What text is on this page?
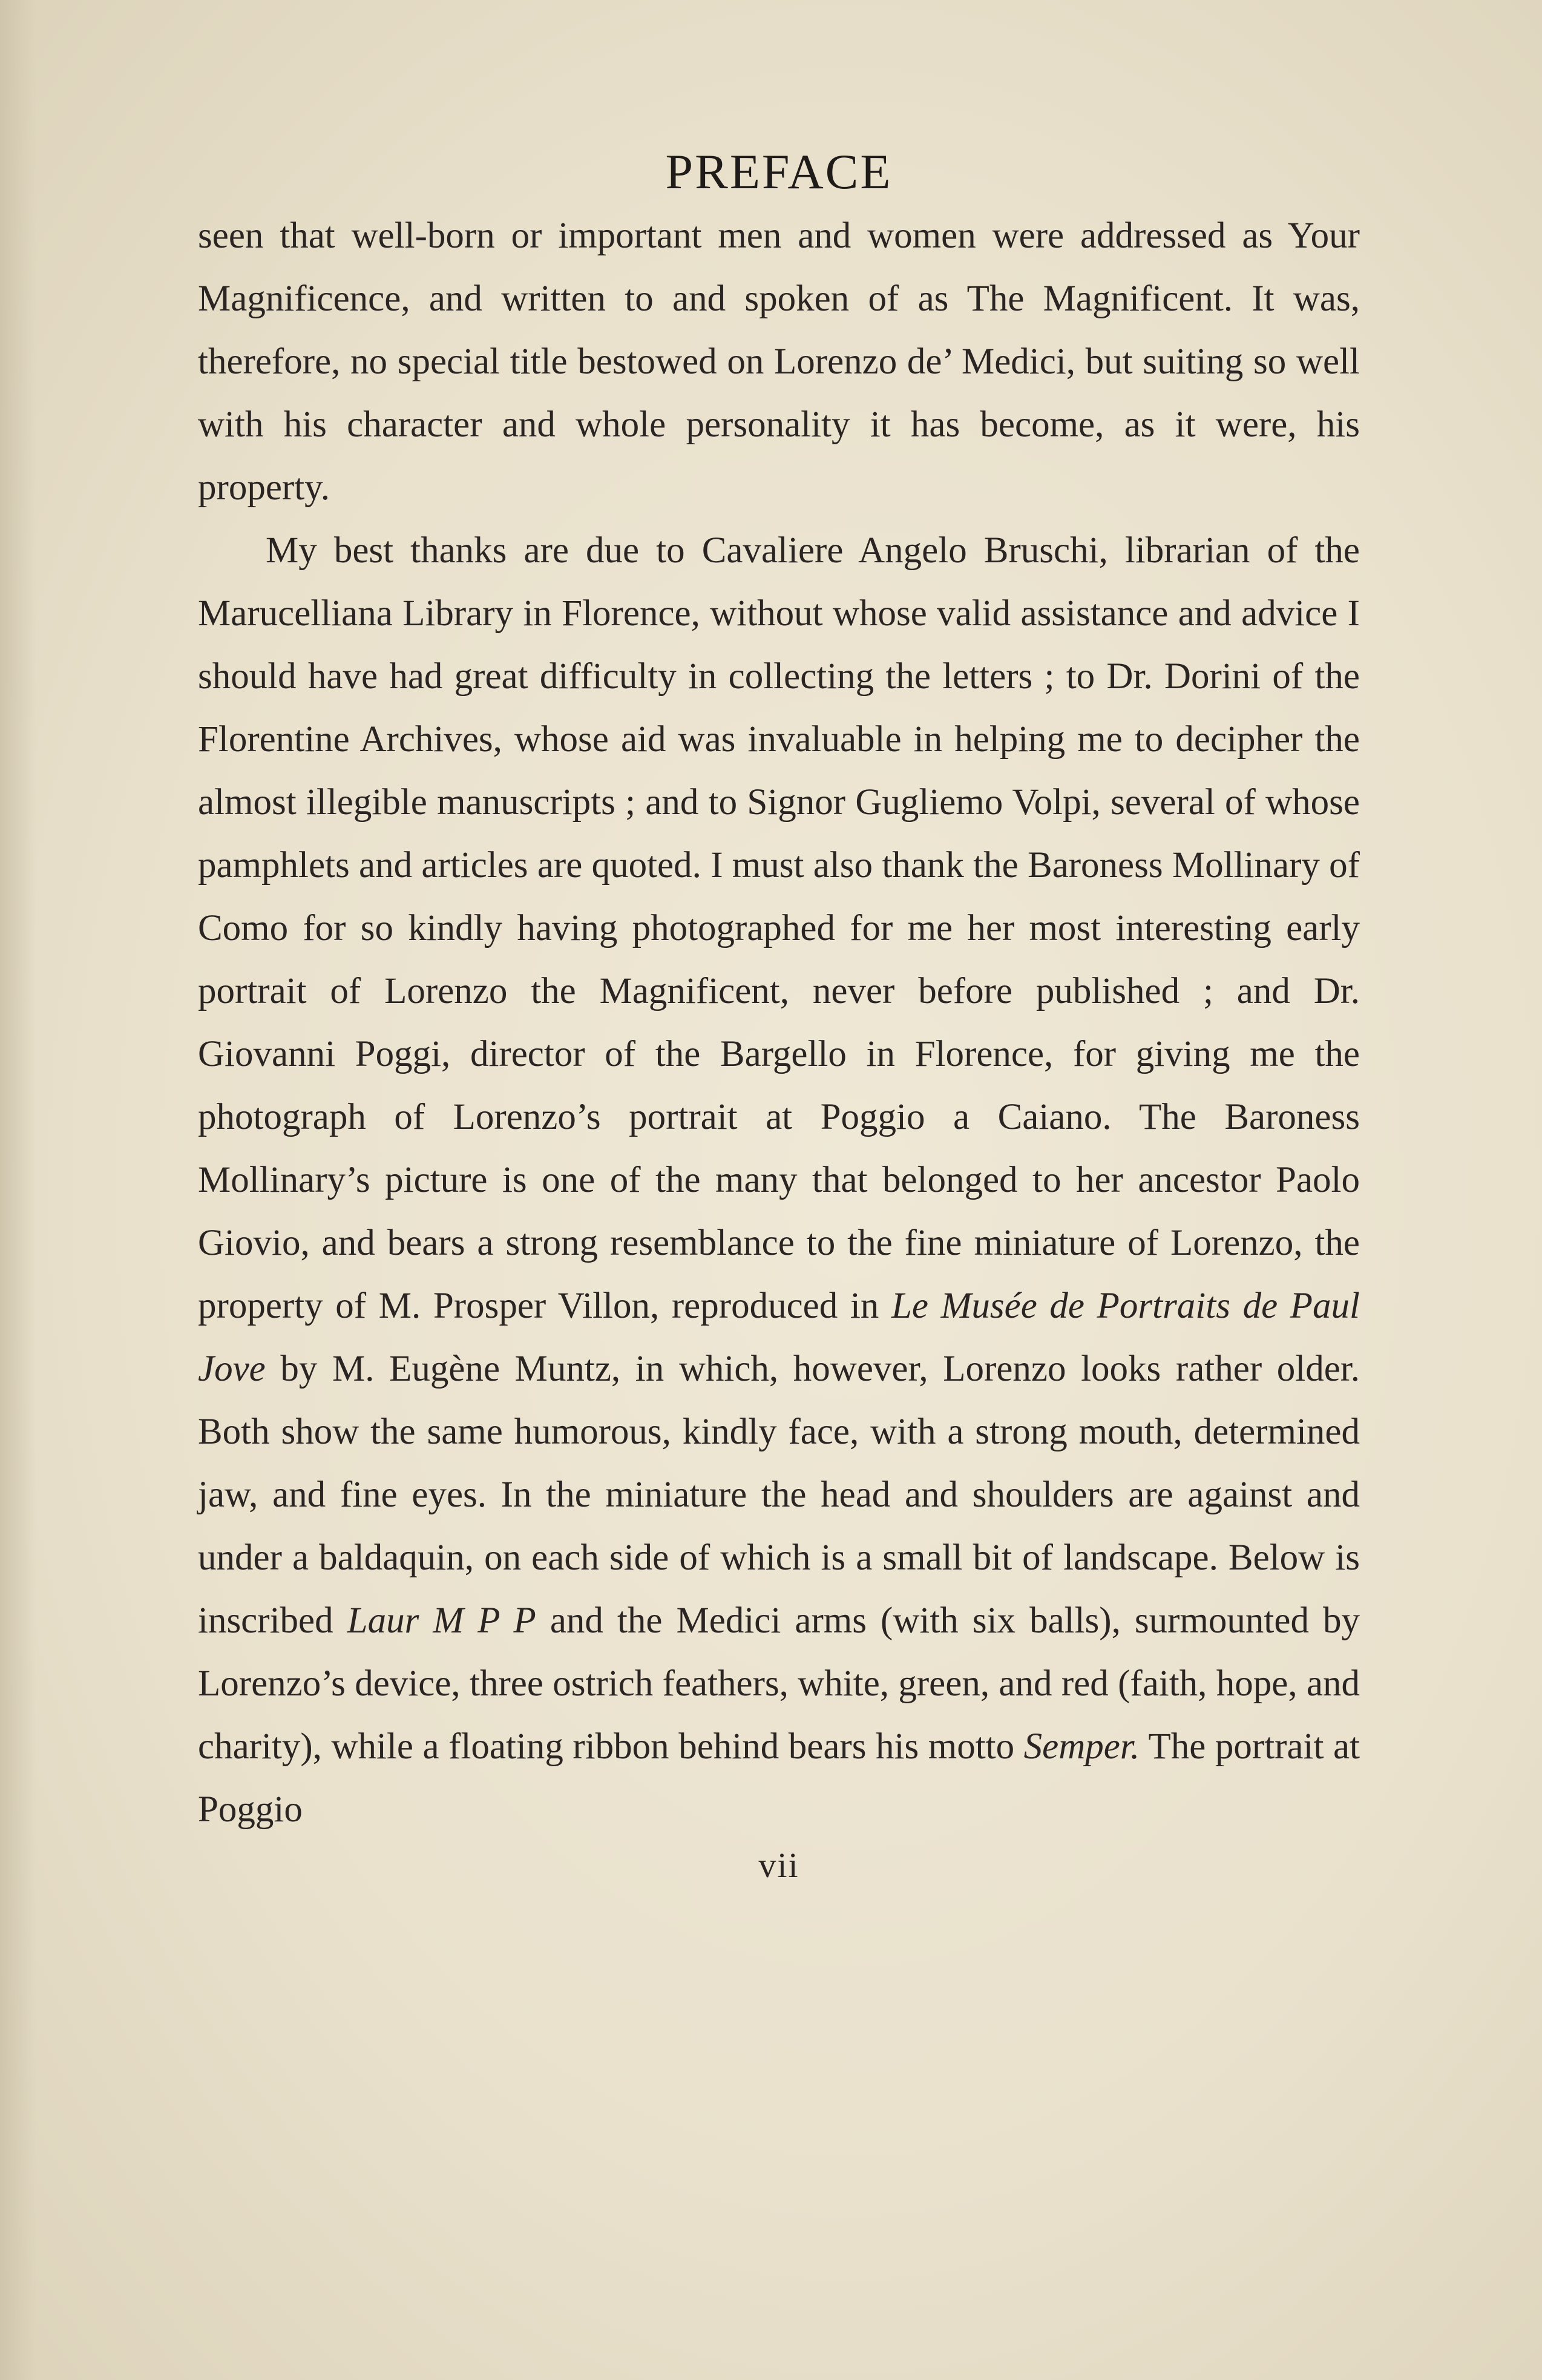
PREFACE

seen that well-born or important men and women were addressed as Your Magnificence, and written to and spoken of as The Magnificent. It was, therefore, no special title bestowed on Lorenzo de’ Medici, but suiting so well with his character and whole personality it has become, as it were, his property.

My best thanks are due to Cavaliere Angelo Bruschi, librarian of the Marucelliana Library in Florence, without whose valid assistance and advice I should have had great difficulty in collecting the letters ; to Dr. Dorini of the Florentine Archives, whose aid was invaluable in helping me to decipher the almost illegible manuscripts ; and to Signor Gugliemo Volpi, several of whose pamphlets and articles are quoted. I must also thank the Baroness Mollinary of Como for so kindly having photographed for me her most interesting early portrait of Lorenzo the Magnificent, never before published ; and Dr. Giovanni Poggi, director of the Bargello in Florence, for giving me the photograph of Lorenzo’s portrait at Poggio a Caiano. The Baroness Mollinary’s picture is one of the many that belonged to her ancestor Paolo Giovio, and bears a strong resemblance to the fine miniature of Lorenzo, the property of M. Prosper Villon, reproduced in Le Musée de Portraits de Paul Jove by M. Eugène Muntz, in which, however, Lorenzo looks rather older. Both show the same humorous, kindly face, with a strong mouth, determined jaw, and fine eyes. In the miniature the head and shoulders are against and under a baldaquin, on each side of which is a small bit of landscape. Below is inscribed Laur M P P and the Medici arms (with six balls), surmounted by Lorenzo’s device, three ostrich feathers, white, green, and red (faith, hope, and charity), while a floating ribbon behind bears his motto Semper. The portrait at Poggio

vii
